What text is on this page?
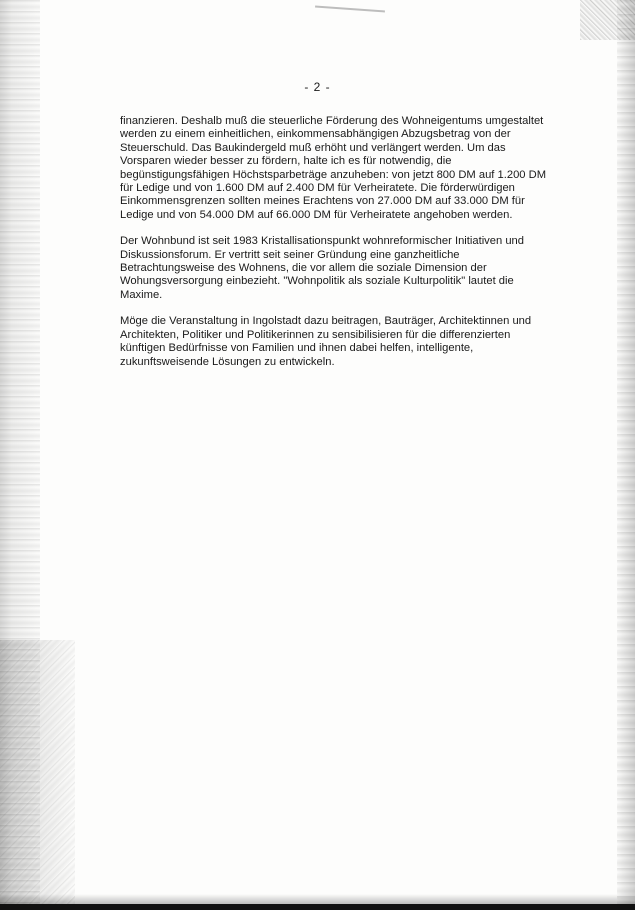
- 2 -

finanzieren. Deshalb muß die steuerliche Förderung des Wohneigentums umgestaltet
werden zu einem einheitlichen, einkommensabhängigen Abzugsbetrag von der
Steuerschuld. Das Baukindergeld muß erhöht und verlängert werden. Um das
Vorsparen wieder besser zu fördern, halte ich es für notwendig, die
begünstigungsfähigen Höchstsparbeträge anzuheben: von jetzt 800 DM auf 1.200 DM
für Ledige und von 1.600 DM auf 2.400 DM für Verheiratete. Die förderwürdigen
Einkommensgrenzen sollten meines Erachtens von 27.000 DM auf 33.000 DM für
Ledige und von 54.000 DM auf 66.000 DM für Verheiratete angehoben werden.

Der Wohnbund ist seit 1983 Kristallisationspunkt wohnreformischer Initiativen und
Diskussionsforum. Er vertritt seit seiner Gründung eine ganzheitliche
Betrachtungsweise des Wohnens, die vor allem die soziale Dimension der
Wohungsversorgung einbezieht. "Wohnpolitik als soziale Kulturpolitik" lautet die
Maxime.

Möge die Veranstaltung in Ingolstadt dazu beitragen, Bauträger, Architektinnen und
Architekten, Politiker und Politikerinnen zu sensibilisieren für die differenzierten
künftigen Bedürfnisse von Familien und ihnen dabei helfen, intelligente,
zukunftsweisende Lösungen zu entwickeln.
